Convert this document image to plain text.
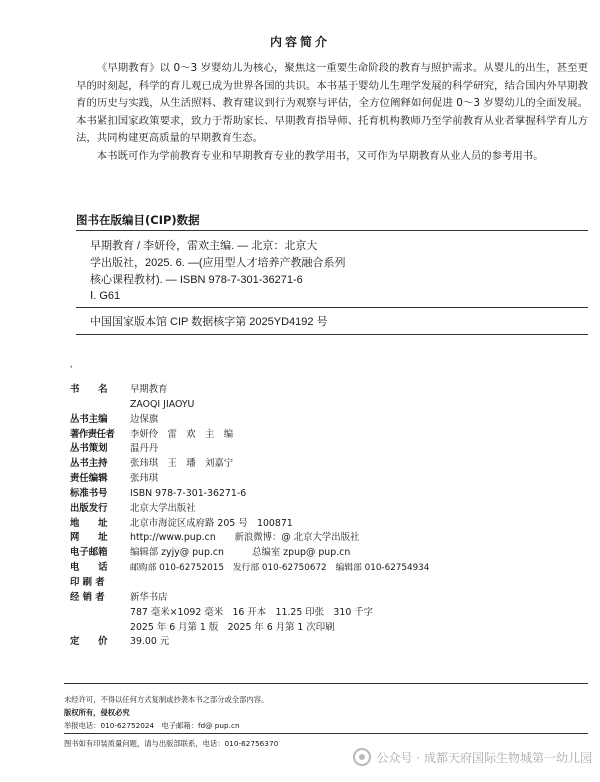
内容简介

《早期教育》以 0～3 岁婴幼儿为核心，聚焦这一重要生命阶段的教育与照护需求。从婴儿的出生，甚至更早的时刻起，科学的育儿观已成为世界各国的共识。本书基于婴幼儿生理学发展的科学研究，结合国内外早期教育的历史与实践，从生活照料、教育建议到行为观察与评估，全方位阐释如何促进 0～3 岁婴幼儿的全面发展。本书紧扣国家政策要求，致力于帮助家长、早期教育指导师、托育机构教师乃至学前教育从业者掌握科学育儿方法，共同构建更高质量的早期教育生态。

本书既可作为学前教育专业和早期教育专业的教学用书，又可作为早期教育从业人员的参考用书。

图书在版编目(CIP)数据
早期教育 / 李妍伶，雷欢主编. — 北京：北京大
学出版社，2025. 6. —(应用型人才培养产教融合系列
核心课程教材). — ISBN 978-7-301-36271-6
Ⅰ. G61
中国国家版本馆 CIP 数据核字第 2025YD4192 号
‘
书　　名	早期教育
ZAOQI JIAOYU
丛书主编	边保旗
著作责任者	李妍伶　雷　欢　主　编
丛书策划	温丹丹
丛书主持	张玮琪　王　璠　刘嘉宁
责任编辑	张玮琪
标准书号	ISBN 978-7-301-36271-6
出版发行	北京大学出版社
地　　址	北京市海淀区成府路 205 号　100871
网　　址	http://www.pup.cn　　新浪微博：@ 北京大学出版社
电子邮箱	编辑部 zyjy@ pup.cn　　　总编室 zpup@ pup.cn
电　　话	邮购部 010-62752015　发行部 010-62750672　编辑部 010-62754934
印 刷 者
经 销 者	新华书店
787 毫米×1092 毫米　16 开本　11.25 印张　310 千字
2025 年 6 月第 1 版　2025 年 6 月第 1 次印刷
定　　价	39.00 元
未经许可，不得以任何方式复制或抄袭本书之部分或全部内容。
版权所有，侵权必究
举报电话：010-62752024　电子邮箱：fd@ pup.cn
图书如有印装质量问题，请与出版部联系，电话：010-62756370
公众号 · 成都天府国际生物城第一幼儿园
